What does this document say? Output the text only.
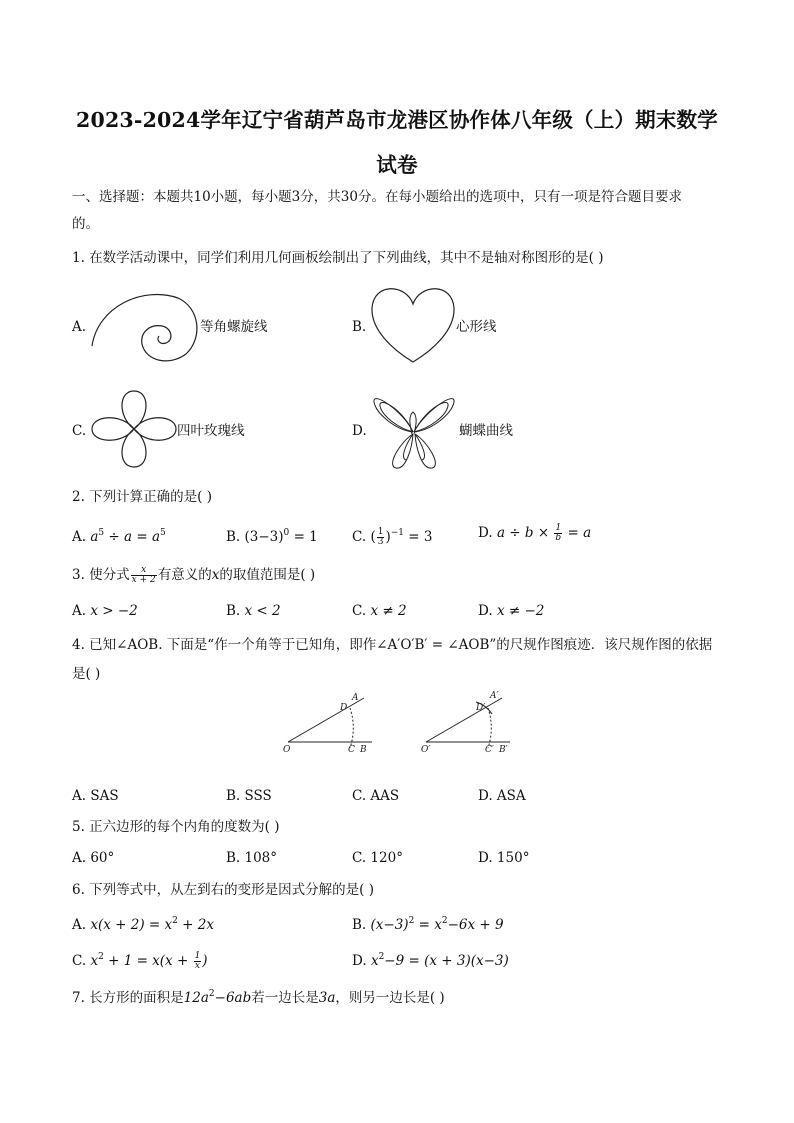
2023-2024学年辽宁省葫芦岛市龙港区协作体八年级（上）期末数学
试卷
一、选择题：本题共10小题，每小题3分，共30分。在每小题给出的选项中，只有一项是符合题目要求
的。
1. 在数学活动课中，同学们利用几何画板绘制出了下列曲线，其中不是轴对称图形的是( )
A.	等角螺旋线	B.	心形线
C.	四叶玫瑰线	D.	蝴蝶曲线
2. 下列计算正确的是( )
A. $a^5 \div a = a^5$	B. $(3-3)^0 = 1$	C. ( $\frac{1}{3} )^{-1} = 3$	D. $a \div b \times \frac{1}{b} = a$
3. 使分式 $\frac{x}{x + 2}$ 有意义的x的取值范围是( )
A. x > −2	B. x < 2	C. x ≠ 2	D. x ≠ −2
4. 已知∠AOB. 下面是“作一个角等于已知角，即作∠A′O′B′ = ∠AOB”的尺规作图痕迹．该尺规作图的依据
是( )
O	C B
D
A
O′	C′ B′
D′
A′
A. SAS	B. SSS	C. AAS	D. ASA
5. 正六边形的每个内角的度数为( )
A. 60°	B. 108°	C. 120°	D. 150°
6. 下列等式中，从左到右的变形是因式分解的是( )
A. $x(x + 2) = x^2 + 2x$	B. $(x-3)^2 = x^2-6x + 9$
C. $x^2 + 1 = x(x + \frac{1}{x}$ )	D. $x^2-9 = (x + 3)(x-3)$
7. 长方形的面积是$12a^2-6ab$若一边长是3a，则另一边长是( )
